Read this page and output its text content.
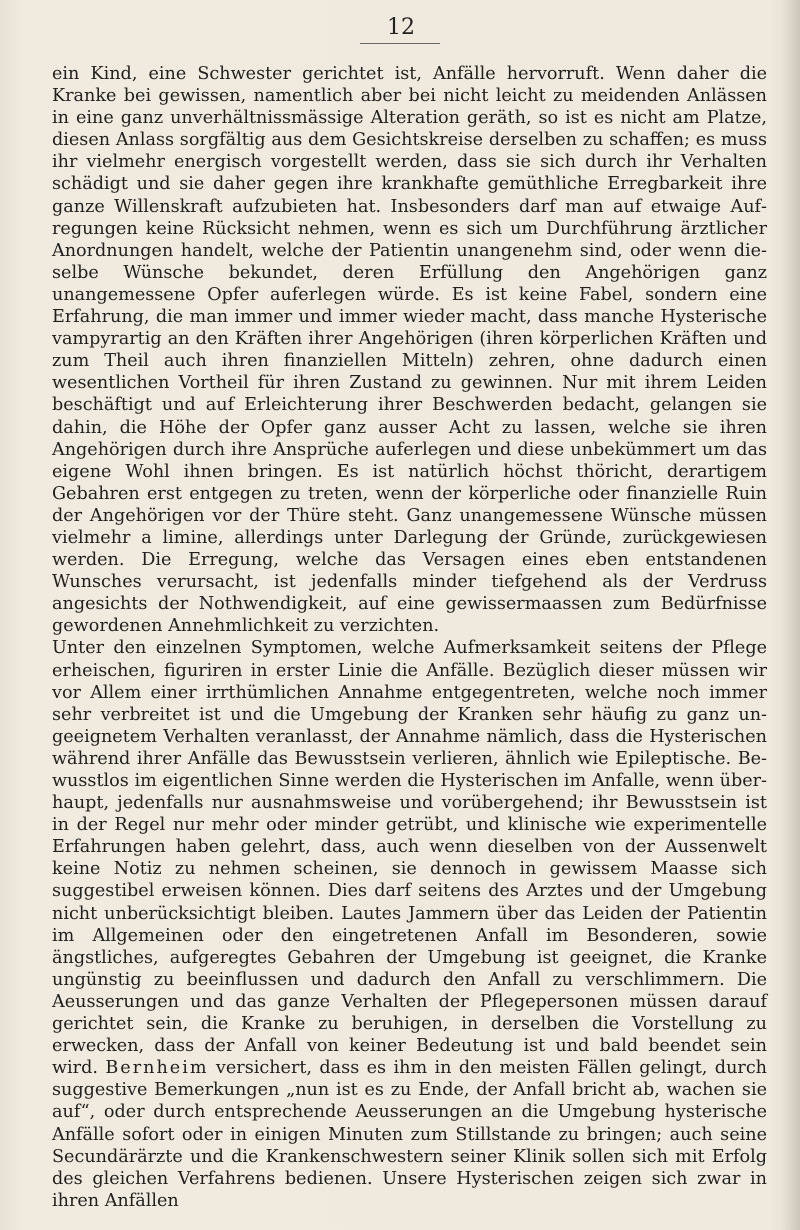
12

ein Kind, eine Schwester gerichtet ist, Anfälle hervorruft. Wenn daher die Kranke bei gewissen, namentlich aber bei nicht leicht zu meidenden Anlässen in eine ganz unverhältnissmässige Alteration geräth, so ist es nicht am Platze, diesen Anlass sorgfältig aus dem Gesichtskreise derselben zu schaffen; es muss ihr vielmehr energisch vorgestellt werden, dass sie sich durch ihr Verhalten schädigt und sie daher gegen ihre krankhafte gemüthliche Erregbarkeit ihre ganze Willenskraft aufzubieten hat. Insbesonders darf man auf etwaige Aufregungen keine Rücksicht nehmen, wenn es sich um Durchführung ärztlicher Anordnungen handelt, welche der Patientin unangenehm sind, oder wenn dieselbe Wünsche bekundet, deren Erfüllung den Angehörigen ganz unangemessene Opfer auferlegen würde. Es ist keine Fabel, sondern eine Erfahrung, die man immer und immer wieder macht, dass manche Hysterische vampyrartig an den Kräften ihrer Angehörigen (ihren körperlichen Kräften und zum Theil auch ihren finanziellen Mitteln) zehren, ohne dadurch einen wesentlichen Vortheil für ihren Zustand zu gewinnen. Nur mit ihrem Leiden beschäftigt und auf Erleichterung ihrer Beschwerden bedacht, gelangen sie dahin, die Höhe der Opfer ganz ausser Acht zu lassen, welche sie ihren Angehörigen durch ihre Ansprüche auferlegen und diese unbekümmert um das eigene Wohl ihnen bringen. Es ist natürlich höchst thöricht, derartigem Gebahren erst entgegen zu treten, wenn der körperliche oder finanzielle Ruin der Angehörigen vor der Thüre steht. Ganz unangemessene Wünsche müssen vielmehr a limine, allerdings unter Darlegung der Gründe, zurückgewiesen werden. Die Erregung, welche das Versagen eines eben entstandenen Wunsches verursacht, ist jedenfalls minder tiefgehend als der Verdruss angesichts der Nothwendigkeit, auf eine gewissermaassen zum Bedürfnisse gewordenen Annehmlichkeit zu verzichten.

Unter den einzelnen Symptomen, welche Aufmerksamkeit seitens der Pflege erheischen, figuriren in erster Linie die Anfälle. Bezüglich dieser müssen wir vor Allem einer irrthümlichen Annahme entgegentreten, welche noch immer sehr verbreitet ist und die Umgebung der Kranken sehr häufig zu ganz ungeeignetem Verhalten veranlasst, der Annahme nämlich, dass die Hysterischen während ihrer Anfälle das Bewusstsein verlieren, ähnlich wie Epileptische. Bewusstlos im eigentlichen Sinne werden die Hysterischen im Anfalle, wenn überhaupt, jedenfalls nur ausnahmsweise und vorübergehend; ihr Bewusstsein ist in der Regel nur mehr oder minder getrübt, und klinische wie experimentelle Erfahrungen haben gelehrt, dass, auch wenn dieselben von der Aussenwelt keine Notiz zu nehmen scheinen, sie dennoch in gewissem Maasse sich suggestibel erweisen können. Dies darf seitens des Arztes und der Umgebung nicht unberücksichtigt bleiben. Lautes Jammern über das Leiden der Patientin im Allgemeinen oder den eingetretenen Anfall im Besonderen, sowie ängstliches, aufgeregtes Gebahren der Umgebung ist geeignet, die Kranke ungünstig zu beeinflussen und dadurch den Anfall zu verschlimmern. Die Aeusserungen und das ganze Verhalten der Pflegepersonen müssen darauf gerichtet sein, die Kranke zu beruhigen, in derselben die Vorstellung zu erwecken, dass der Anfall von keiner Bedeutung ist und bald beendet sein wird. Bernheim versichert, dass es ihm in den meisten Fällen gelingt, durch suggestive Bemerkungen „nun ist es zu Ende, der Anfall bricht ab, wachen sie auf“, oder durch entsprechende Aeusserungen an die Umgebung hysterische Anfälle sofort oder in einigen Minuten zum Stillstande zu bringen; auch seine Secundärärzte und die Krankenschwestern seiner Klinik sollen sich mit Erfolg des gleichen Verfahrens bedienen. Unsere Hysterischen zeigen sich zwar in ihren Anfällen
